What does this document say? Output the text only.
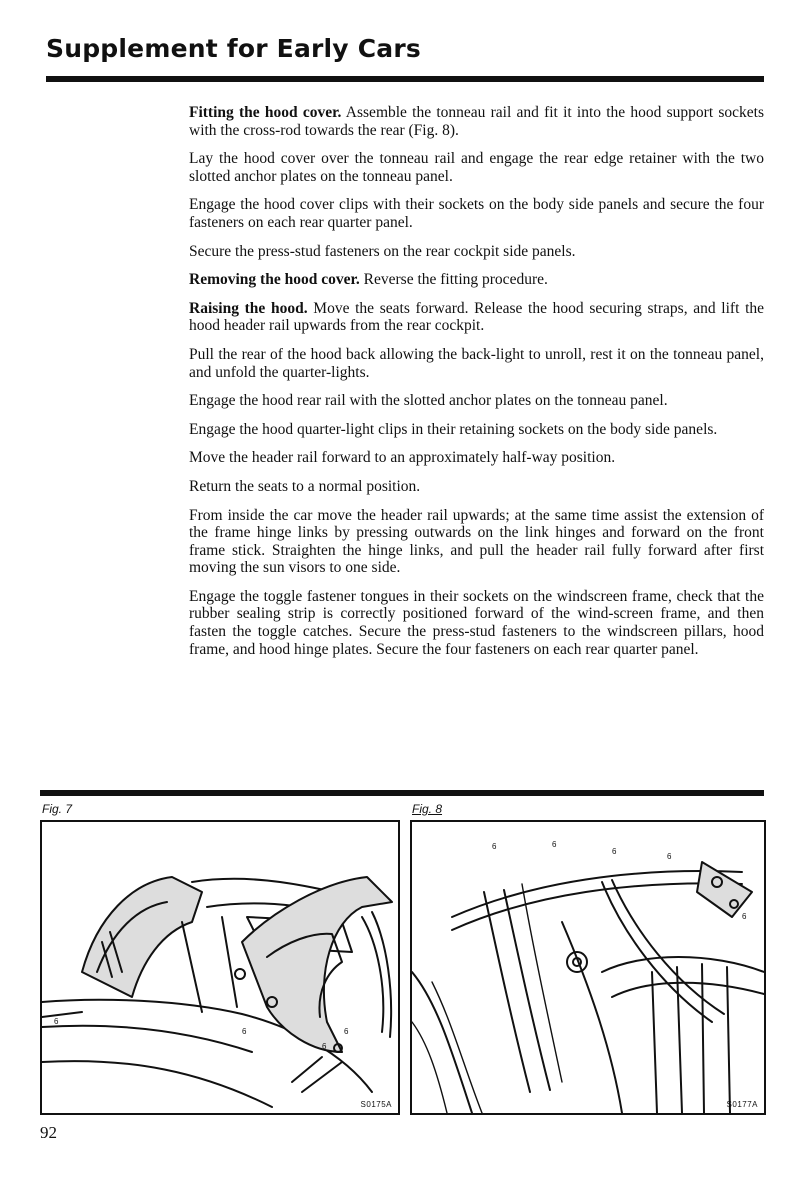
Supplement for Early Cars

Fitting the hood cover. Assemble the tonneau rail and fit it into the hood support sockets with the cross-rod towards the rear (Fig. 8).

Lay the hood cover over the tonneau rail and engage the rear edge retainer with the two slotted anchor plates on the tonneau panel.

Engage the hood cover clips with their sockets on the body side panels and secure the four fasteners on each rear quarter panel.

Secure the press-stud fasteners on the rear cockpit side panels.

Removing the hood cover. Reverse the fitting procedure.

Raising the hood. Move the seats forward. Release the hood securing straps, and lift the hood header rail upwards from the rear cockpit.

Pull the rear of the hood back allowing the back-light to unroll, rest it on the tonneau panel, and unfold the quarter-lights.

Engage the hood rear rail with the slotted anchor plates on the tonneau panel.

Engage the hood quarter-light clips in their retaining sockets on the body side panels.

Move the header rail forward to an approximately half-way position.

Return the seats to a normal position.

From inside the car move the header rail upwards; at the same time assist the extension of the frame hinge links by pressing outwards on the link hinges and forward on the front frame stick. Straighten the hinge links, and pull the header rail fully forward after first moving the sun visors to one side.

Engage the toggle fastener tongues in their sockets on the windscreen frame, check that the rubber sealing strip is correctly positioned forward of the wind-screen frame, and then fasten the toggle catches. Secure the press-stud fasteners to the windscreen pillars, hood frame, and hood hinge plates. Secure the four fasteners on each rear quarter panel.

Fig. 7	Fig. 8
S0175A
6
6
6
6
S0177A
6	6
6
6
6
92
